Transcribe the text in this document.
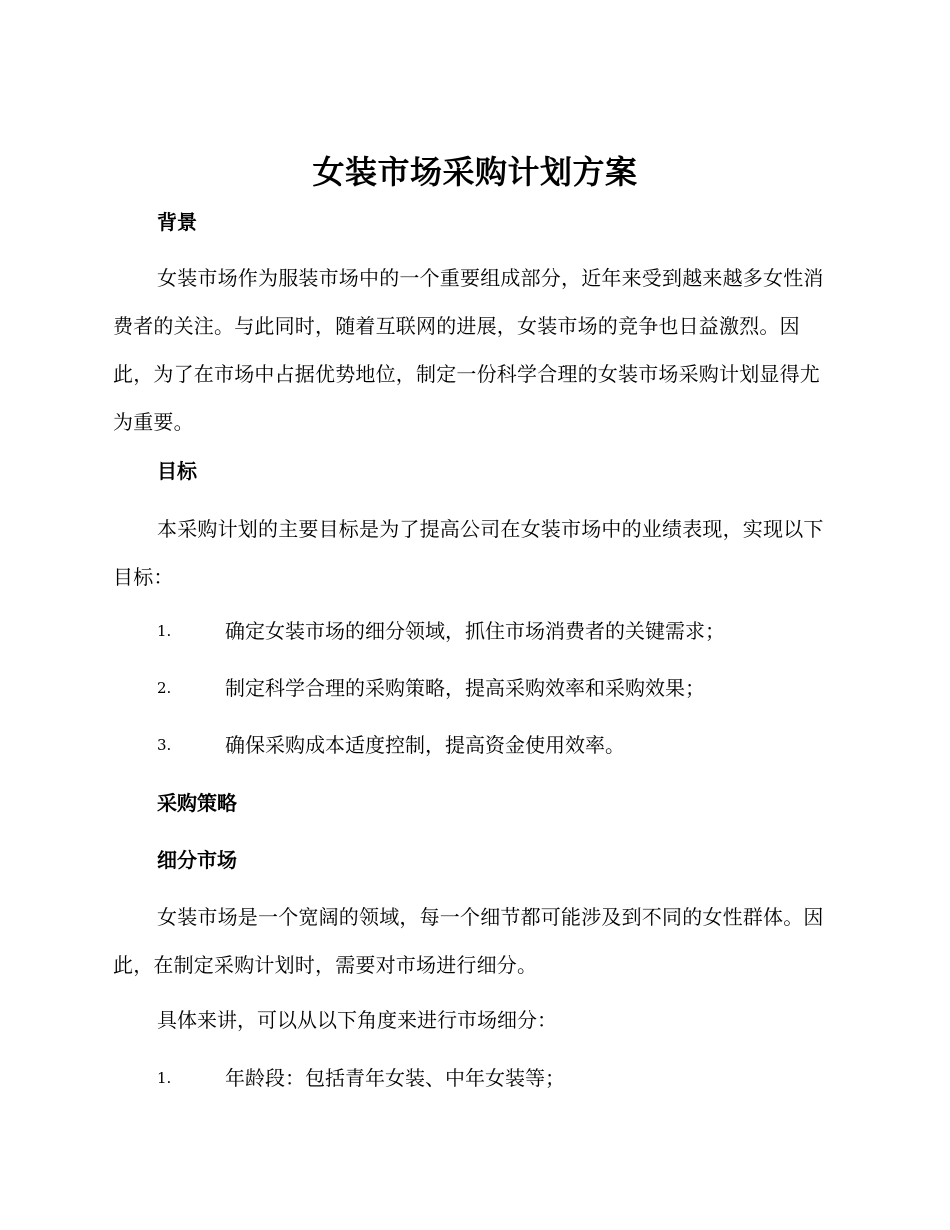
女装市场采购计划方案
背景
女装市场作为服装市场中的一个重要组成部分，近年来受到越来越多女性消费者的关注。与此同时，随着互联网的进展，女装市场的竞争也日益激烈。因此，为了在市场中占据优势地位，制定一份科学合理的女装市场采购计划显得尤为重要。
目标
本采购计划的主要目标是为了提高公司在女装市场中的业绩表现，实现以下目标：
1.	确定女装市场的细分领域，抓住市场消费者的关键需求；
2.	制定科学合理的采购策略，提高采购效率和采购效果；
3.	确保采购成本适度控制，提高资金使用效率。
采购策略
细分市场
女装市场是一个宽阔的领域，每一个细节都可能涉及到不同的女性群体。因此，在制定采购计划时，需要对市场进行细分。
具体来讲，可以从以下角度来进行市场细分：
1.	年龄段：包括青年女装、中年女装等；
